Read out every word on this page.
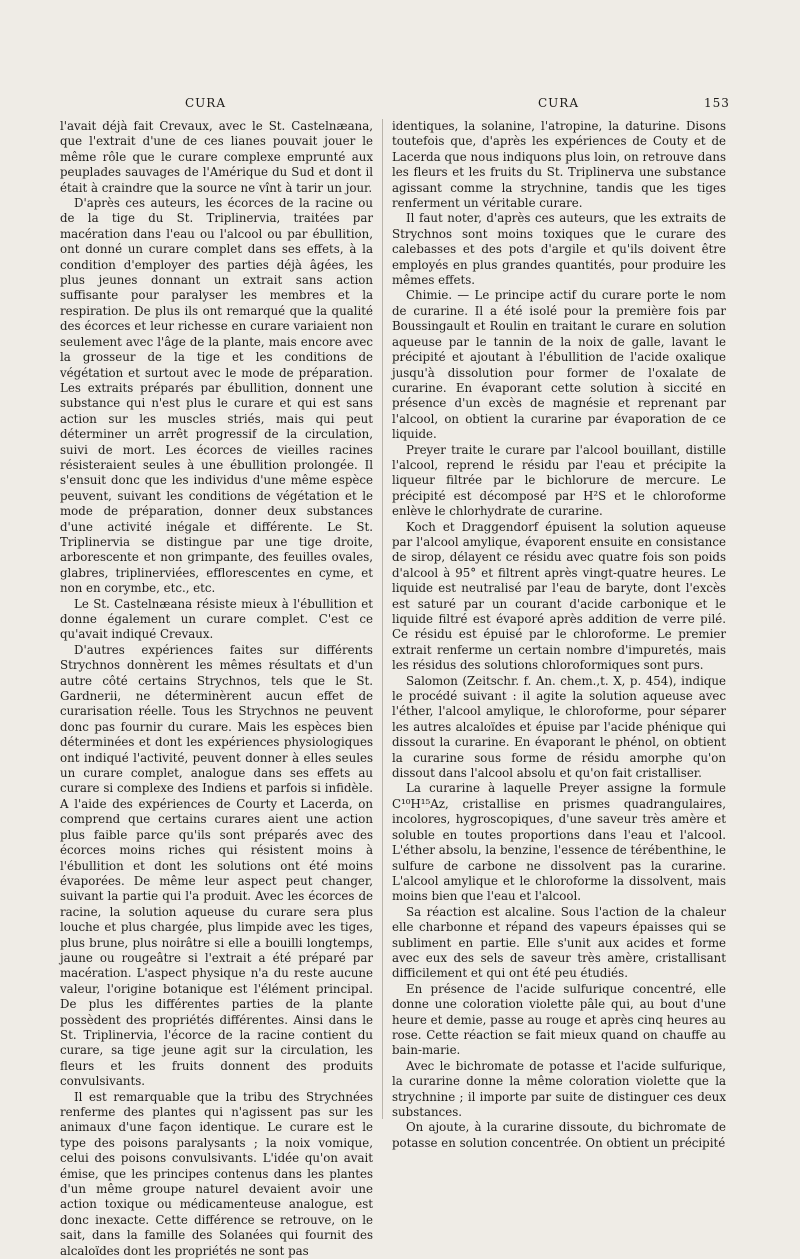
CURA	CURA	153

l'avait déjà fait Crevaux, avec le St. Castelnæana, que l'extrait d'une de ces lianes pouvait jouer le même rôle que le curare complexe emprunté aux peuplades sauvages de l'Amérique du Sud et dont il était à craindre que la source ne vînt à tarir un jour.

D'après ces auteurs, les écorces de la racine ou de la tige du St. Triplinervia, traitées par macération dans l'eau ou l'alcool ou par ébullition, ont donné un curare complet dans ses effets, à la condition d'employer des parties déjà âgées, les plus jeunes donnant un extrait sans action suffisante pour paralyser les membres et la respiration. De plus ils ont remarqué que la qualité des écorces et leur richesse en curare variaient non seulement avec l'âge de la plante, mais encore avec la grosseur de la tige et les conditions de végétation et surtout avec le mode de préparation. Les extraits préparés par ébullition, donnent une substance qui n'est plus le curare et qui est sans action sur les muscles striés, mais qui peut déterminer un arrêt progressif de la circulation, suivi de mort. Les écorces de vieilles racines résisteraient seules à une ébullition prolongée. Il s'ensuit donc que les individus d'une même espèce peuvent, suivant les conditions de végétation et le mode de préparation, donner deux substances d'une activité inégale et différente. Le St. Triplinervia se distingue par une tige droite, arborescente et non grimpante, des feuilles ovales, glabres, triplinerviées, efflorescentes en cyme, et non en corymbe, etc., etc.

Le St. Castelnæana résiste mieux à l'ébullition et donne également un curare complet. C'est ce qu'avait indiqué Crevaux.

D'autres expériences faites sur différents Strychnos donnèrent les mêmes résultats et d'un autre côté certains Strychnos, tels que le St. Gardnerii, ne déterminèrent aucun effet de curarisation réelle. Tous les Strychnos ne peuvent donc pas fournir du curare. Mais les espèces bien déterminées et dont les expériences physiologiques ont indiqué l'activité, peuvent donner à elles seules un curare complet, analogue dans ses effets au curare si complexe des Indiens et parfois si infidèle. A l'aide des expériences de Courty et Lacerda, on comprend que certains curares aient une action plus faible parce qu'ils sont préparés avec des écorces moins riches qui résistent moins à l'ébullition et dont les solutions ont été moins évaporées. De même leur aspect peut changer, suivant la partie qui l'a produit. Avec les écorces de racine, la solution aqueuse du curare sera plus louche et plus chargée, plus limpide avec les tiges, plus brune, plus noirâtre si elle a bouilli longtemps, jaune ou rougeâtre si l'extrait a été préparé par macération. L'aspect physique n'a du reste aucune valeur, l'origine botanique est l'élément principal. De plus les différentes parties de la plante possèdent des propriétés différentes. Ainsi dans le St. Triplinervia, l'écorce de la racine contient du curare, sa tige jeune agit sur la circulation, les fleurs et les fruits donnent des produits convulsivants.

Il est remarquable que la tribu des Strychnées renferme des plantes qui n'agissent pas sur les animaux d'une façon identique. Le curare est le type des poisons paralysants ; la noix vomique, celui des poisons convulsivants. L'idée qu'on avait émise, que les principes contenus dans les plantes d'un même groupe naturel devaient avoir une action toxique ou médicamenteuse analogue, est donc inexacte. Cette différence se retrouve, on le sait, dans la famille des Solanées qui fournit des alcaloïdes dont les propriétés ne sont pas

identiques, la solanine, l'atropine, la daturine. Disons toutefois que, d'après les expériences de Couty et de Lacerda que nous indiquons plus loin, on retrouve dans les fleurs et les fruits du St. Triplinerva une substance agissant comme la strychnine, tandis que les tiges renferment un véritable curare.

Il faut noter, d'après ces auteurs, que les extraits de Strychnos sont moins toxiques que le curare des calebasses et des pots d'argile et qu'ils doivent être employés en plus grandes quantités, pour produire les mêmes effets.

Chimie. — Le principe actif du curare porte le nom de curarine. Il a été isolé pour la première fois par Boussingault et Roulin en traitant le curare en solution aqueuse par le tannin de la noix de galle, lavant le précipité et ajoutant à l'ébullition de l'acide oxalique jusqu'à dissolution pour former de l'oxalate de curarine. En évaporant cette solution à siccité en présence d'un excès de magnésie et reprenant par l'alcool, on obtient la curarine par évaporation de ce liquide.

Preyer traite le curare par l'alcool bouillant, distille l'alcool, reprend le résidu par l'eau et précipite la liqueur filtrée par le bichlorure de mercure. Le précipité est décomposé par H²S et le chloroforme enlève le chlorhydrate de curarine.

Koch et Draggendorf épuisent la solution aqueuse par l'alcool amylique, évaporent ensuite en consistance de sirop, délayent ce résidu avec quatre fois son poids d'alcool à 95° et filtrent après vingt-quatre heures. Le liquide est neutralisé par l'eau de baryte, dont l'excès est saturé par un courant d'acide carbonique et le liquide filtré est évaporé après addition de verre pilé. Ce résidu est épuisé par le chloroforme. Le premier extrait renferme un certain nombre d'impuretés, mais les résidus des solutions chloroformiques sont purs.

Salomon (Zeitschr. f. An. chem.,t. X, p. 454), indique le procédé suivant : il agite la solution aqueuse avec l'éther, l'alcool amylique, le chloroforme, pour séparer les autres alcaloïdes et épuise par l'acide phénique qui dissout la curarine. En évaporant le phénol, on obtient la curarine sous forme de résidu amorphe qu'on dissout dans l'alcool absolu et qu'on fait cristalliser.

La curarine à laquelle Preyer assigne la formule C¹⁰H¹⁵Az, cristallise en prismes quadrangulaires, incolores, hygroscopiques, d'une saveur très amère et soluble en toutes proportions dans l'eau et l'alcool. L'éther absolu, la benzine, l'essence de térébenthine, le sulfure de carbone ne dissolvent pas la curarine. L'alcool amylique et le chloroforme la dissolvent, mais moins bien que l'eau et l'alcool.

Sa réaction est alcaline. Sous l'action de la chaleur elle charbonne et répand des vapeurs épaisses qui se subliment en partie. Elle s'unit aux acides et forme avec eux des sels de saveur très amère, cristallisant difficilement et qui ont été peu étudiés.

En présence de l'acide sulfurique concentré, elle donne une coloration violette pâle qui, au bout d'une heure et demie, passe au rouge et après cinq heures au rose. Cette réaction se fait mieux quand on chauffe au bain-marie.

Avec le bichromate de potasse et l'acide sulfurique, la curarine donne la même coloration violette que la strychnine ; il importe par suite de distinguer ces deux substances.

On ajoute, à la curarine dissoute, du bichromate de potasse en solution concentrée. On obtient un précipité
